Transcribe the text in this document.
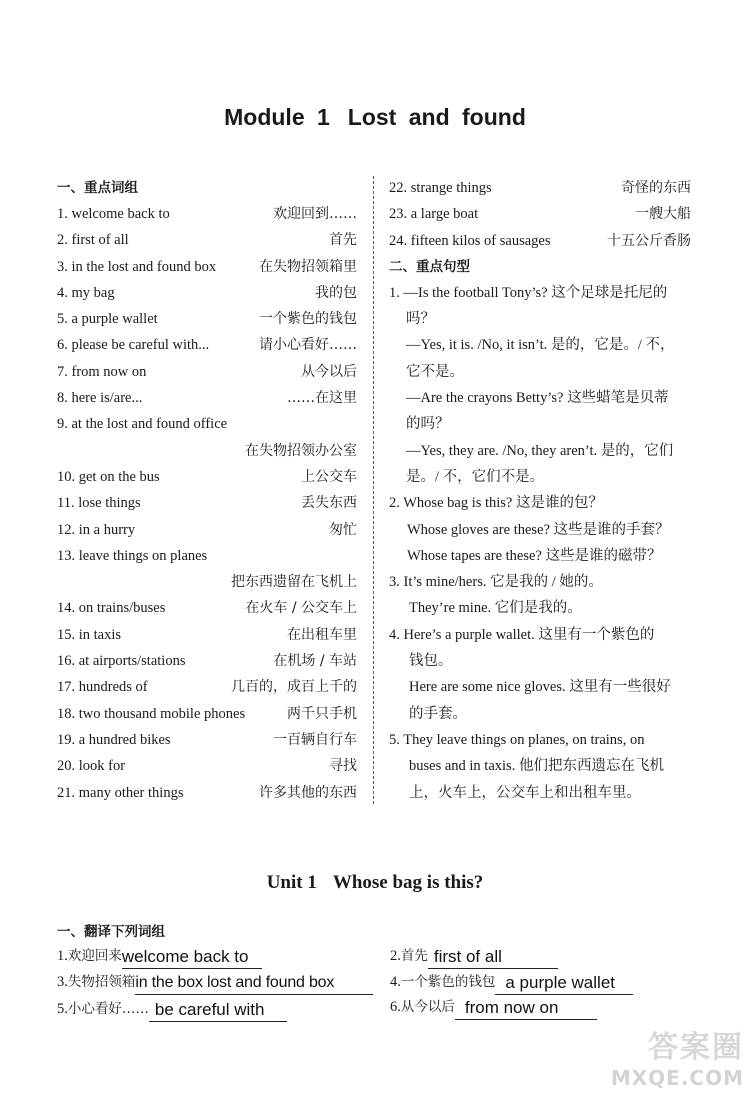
Module 1 Lost and found
一、重点词组
1. welcome back to	欢迎回到……
2. first of all	首先
3. in the lost and found box	在失物招领箱里
4. my bag	我的包
5. a purple wallet	一个紫色的钱包
6. please be careful with...	请小心看好……
7. from now on	从今以后
8. here is/are...	……在这里
9. at the lost and found office
在失物招领办公室
10. get on the bus	上公交车
11. lose things	丢失东西
12. in a hurry	匆忙
13. leave things on planes
把东西遗留在飞机上
14. on trains/buses	在火车 / 公交车上
15. in taxis	在出租车里
16. at airports/stations	在机场 / 车站
17. hundreds of	几百的，成百上千的
18. two thousand mobile phones	两千只手机
19. a hundred bikes	一百辆自行车
20. look for	寻找
21. many other things	许多其他的东西
22. strange things	奇怪的东西
23. a large boat	一艘大船
24. fifteen kilos of sausages	十五公斤香肠
二、重点句型
1. —Is the football Tony’s? 这个足球是托尼的
吗？
—Yes, it is. /No, it isn’t. 是的，它是。/ 不，
它不是。
—Are the crayons Betty’s? 这些蜡笔是贝蒂
的吗？
—Yes, they are. /No, they aren’t. 是的，它们
是。/ 不，它们不是。
2. Whose bag is this? 这是谁的包？
Whose gloves are these? 这些是谁的手套？
Whose tapes are these? 这些是谁的磁带？
3. It’s mine/hers. 它是我的 / 她的。
They’re mine. 它们是我的。
4. Here’s a purple wallet. 这里有一个紫色的
钱包。
Here are some nice gloves. 这里有一些很好
的手套。
5. They leave things on planes, on trains, on
buses and in taxis. 他们把东西遗忘在飞机
上，火车上，公交车上和出租车里。
Unit 1 Whose bag is this?
一、翻译下列词组
1.欢迎回来welcome back to	2.首先 first of all
3.失物招领箱in the box lost and found box	4.一个紫色的钱包 a purple wallet
5.小心看好…… be careful with	6.从今以后 from now on
答案圈
MXQE.COM
